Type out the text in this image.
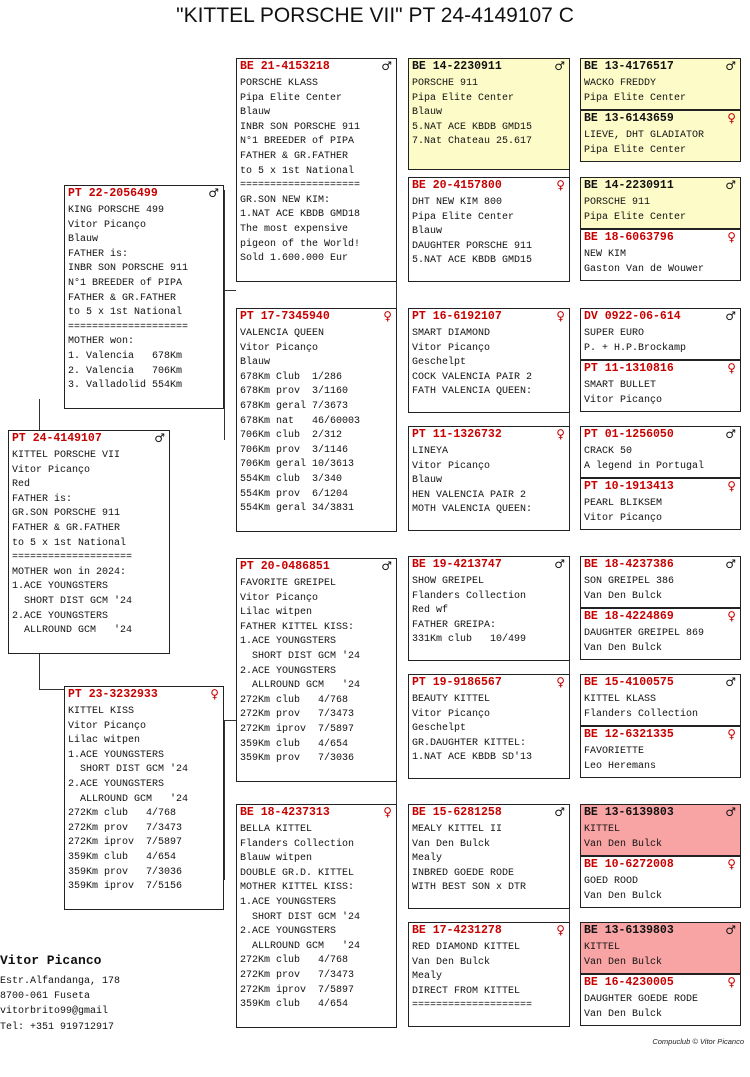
"KITTEL PORSCHE VII" PT 24-4149107 C
PT 24-4149107	♂
KITTEL PORSCHE VII
Vitor Picanço
Red
FATHER is:
GR.SON PORSCHE 911
FATHER & GR.FATHER
to 5 x 1st National
====================
MOTHER won in 2024:
1.ACE YOUNGSTERS
SHORT DIST GCM '24
2.ACE YOUNGSTERS
ALLROUND GCM   '24
PT 22-2056499	♂
KING PORSCHE 499
Vitor Picanço
Blauw
FATHER is:
INBR SON PORSCHE 911
N°1 BREEDER of PIPA
FATHER & GR.FATHER
to 5 x 1st National
====================
MOTHER won:
1. Valencia   678Km
2. Valencia   706Km
3. Valladolid 554Km
PT 23-3232933	♀
KITTEL KISS
Vitor Picanço
Lilac witpen
1.ACE YOUNGSTERS
SHORT DIST GCM '24
2.ACE YOUNGSTERS
ALLROUND GCM   '24
272Km club   4/768
272Km prov   7/3473
272Km iprov  7/5897
359Km club   4/654
359Km prov   7/3036
359Km iprov  7/5156
BE 21-4153218	♂
PORSCHE KLASS
Pipa Elite Center
Blauw
INBR SON PORSCHE 911
N°1 BREEDER of PIPA
FATHER & GR.FATHER
to 5 x 1st National
====================
GR.SON NEW KIM:
1.NAT ACE KBDB GMD18
The most expensive
pigeon of the World!
Sold 1.600.000 Eur
PT 17-7345940	♀
VALENCIA QUEEN
Vitor Picanço
Blauw
678Km Club  1/286
678Km prov  3/1160
678Km geral 7/3673
678Km nat   46/60003
706Km club  2/312
706Km prov  3/1146
706Km geral 10/3613
554Km club  3/340
554Km prov  6/1204
554Km geral 34/3831
PT 20-0486851	♂
FAVORITE GREIPEL
Vitor Picanço
Lilac witpen
FATHER KITTEL KISS:
1.ACE YOUNGSTERS
SHORT DIST GCM '24
2.ACE YOUNGSTERS
ALLROUND GCM   '24
272Km club   4/768
272Km prov   7/3473
272Km iprov  7/5897
359Km club   4/654
359Km prov   7/3036
BE 18-4237313	♀
BELLA KITTEL
Flanders Collection
Blauw witpen
DOUBLE GR.D. KITTEL
MOTHER KITTEL KISS:
1.ACE YOUNGSTERS
SHORT DIST GCM '24
2.ACE YOUNGSTERS
ALLROUND GCM   '24
272Km club   4/768
272Km prov   7/3473
272Km iprov  7/5897
359Km club   4/654
BE 14-2230911	♂
PORSCHE 911
Pipa Elite Center
Blauw
5.NAT ACE KBDB GMD15
7.Nat Chateau 25.617
BE 20-4157800	♀
DHT NEW KIM 800
Pipa Elite Center
Blauw
DAUGHTER PORSCHE 911
5.NAT ACE KBDB GMD15
PT 16-6192107	♀
SMART DIAMOND
Vitor Picanço
Geschelpt
COCK VALENCIA PAIR 2
FATH VALENCIA QUEEN:
PT 11-1326732	♀
LINEYA
Vitor Picanço
Blauw
HEN VALENCIA PAIR 2
MOTH VALENCIA QUEEN:
BE 19-4213747	♂
SHOW GREIPEL
Flanders Collection
Red wf
FATHER GREIPA:
331Km club   10/499
PT 19-9186567	♀
BEAUTY KITTEL
Vitor Picanço
Geschelpt
GR.DAUGHTER KITTEL:
1.NAT ACE KBDB SD'13
BE 15-6281258	♂
MEALY KITTEL II
Van Den Bulck
Mealy
INBRED GOEDE RODE
WITH BEST SON x DTR
BE 17-4231278	♀
RED DIAMOND KITTEL
Van Den Bulck
Mealy
DIRECT FROM KITTEL
====================
BE 13-4176517	♂
WACKO FREDDY
Pipa Elite Center
BE 13-6143659	♀
LIEVE, DHT GLADIATOR
Pipa Elite Center
BE 14-2230911	♂
PORSCHE 911
Pipa Elite Center
BE 18-6063796	♀
NEW KIM
Gaston Van de Wouwer
DV 0922-06-614	♂
SUPER EURO
P. + H.P.Brockamp
PT 11-1310816	♀
SMART BULLET
Vitor Picanço
PT 01-1256050	♂
CRACK 50
A legend in Portugal
PT 10-1913413	♀
PEARL BLIKSEM
Vitor Picanço
BE 18-4237386	♂
SON GREIPEL 386
Van Den Bulck
BE 18-4224869	♀
DAUGHTER GREIPEL 869
Van Den Bulck
BE 15-4100575	♂
KITTEL KLASS
Flanders Collection
BE 12-6321335	♀
FAVORIETTE
Leo Heremans
BE 13-6139803	♂
KITTEL
Van Den Bulck
BE 10-6272008	♀
GOED ROOD
Van Den Bulck
BE 13-6139803	♂
KITTEL
Van Den Bulck
BE 16-4230005	♀
DAUGHTER GOEDE RODE
Van Den Bulck
Vitor Picanco
Estr.Alfandanga, 178
8700-061 Fuseta
vitorbrito99@gmail
Tel: +351 919712917
Compuclub © Vitor Picanco
